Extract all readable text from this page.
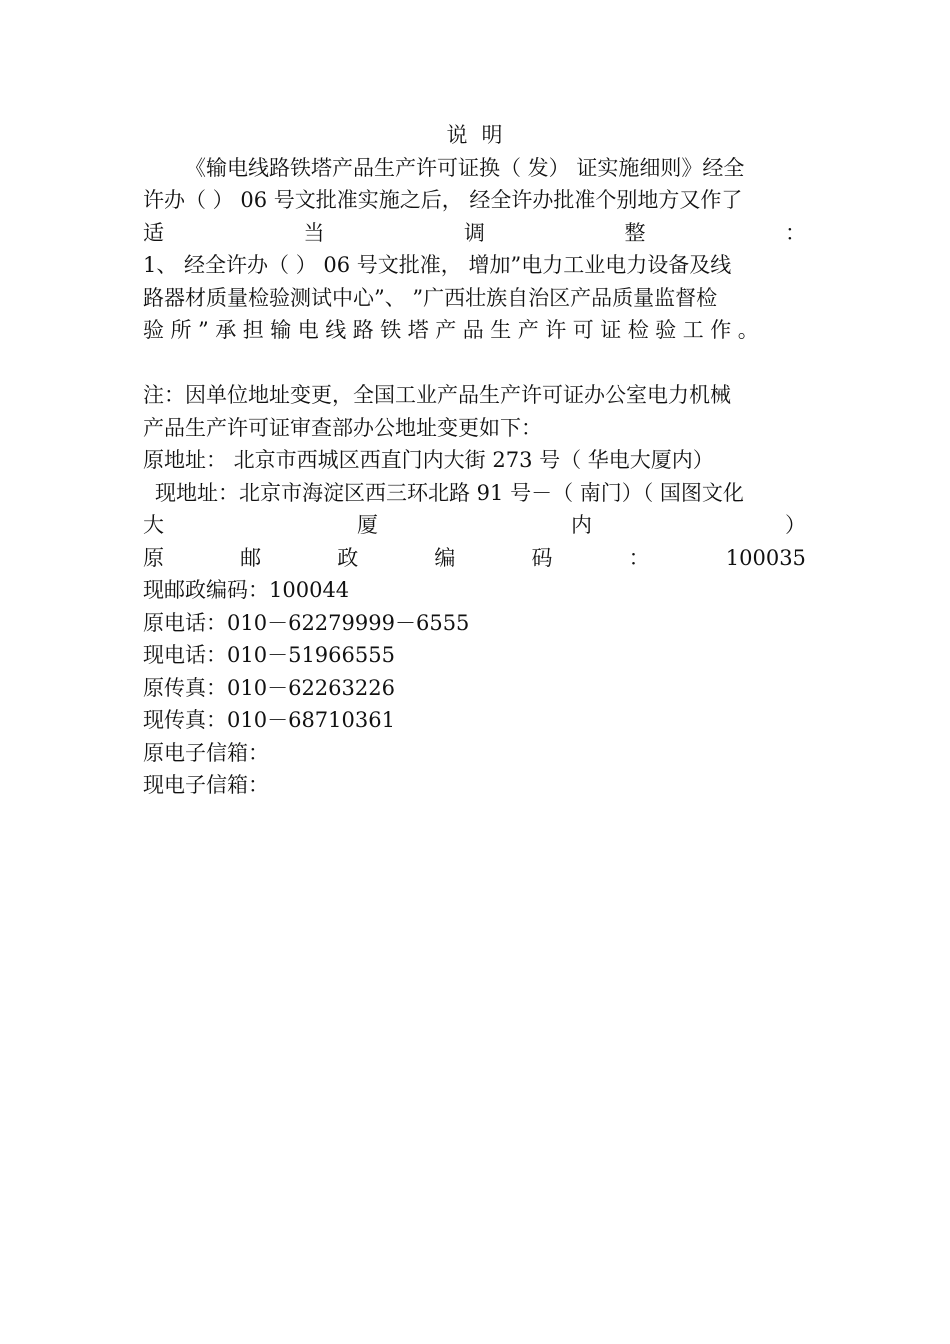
说明
《输电线路铁塔产品生产许可证换（ 发） 证实施细则》经全
许办（ ） 06 号文批准实施之后， 经全许办批准个别地方又作了
适	当	调	整	：
1、 经全许办（ ） 06 号文批准， 增加”电力工业电力设备及线
路器材质量检验测试中心”、 ”广西壮族自治区产品质量监督检
验所”承担输电线路铁塔产品生产许可证检验工作。
注：因单位地址变更，全国工业产品生产许可证办公室电力机械
产品生产许可证审查部办公地址变更如下：
原地址： 北京市西城区西直门内大街 273 号（ 华电大厦内）
现地址：北京市海淀区西三环北路 91 号－（ 南门）（ 国图文化
大	厦	内	）
原	邮	政	编	码	：	100035
现邮政编码：100044
原电话：010－62279999－6555
现电话：010－51966555
原传真：010－62263226
现传真：010－68710361
原电子信箱：
现电子信箱：
